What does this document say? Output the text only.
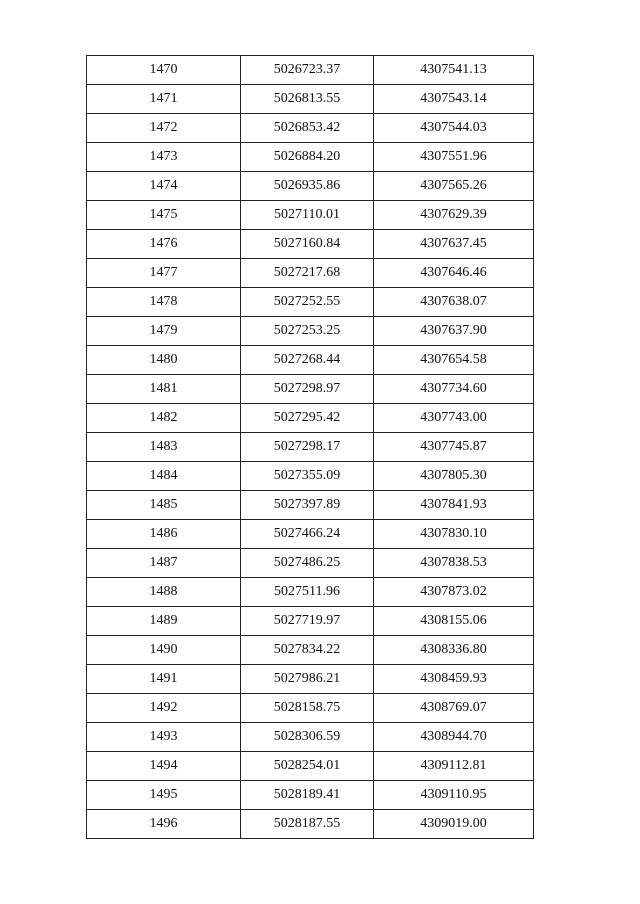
1470	5026723.37	4307541.13
1471	5026813.55	4307543.14
1472	5026853.42	4307544.03
1473	5026884.20	4307551.96
1474	5026935.86	4307565.26
1475	5027110.01	4307629.39
1476	5027160.84	4307637.45
1477	5027217.68	4307646.46
1478	5027252.55	4307638.07
1479	5027253.25	4307637.90
1480	5027268.44	4307654.58
1481	5027298.97	4307734.60
1482	5027295.42	4307743.00
1483	5027298.17	4307745.87
1484	5027355.09	4307805.30
1485	5027397.89	4307841.93
1486	5027466.24	4307830.10
1487	5027486.25	4307838.53
1488	5027511.96	4307873.02
1489	5027719.97	4308155.06
1490	5027834.22	4308336.80
1491	5027986.21	4308459.93
1492	5028158.75	4308769.07
1493	5028306.59	4308944.70
1494	5028254.01	4309112.81
1495	5028189.41	4309110.95
1496	5028187.55	4309019.00
